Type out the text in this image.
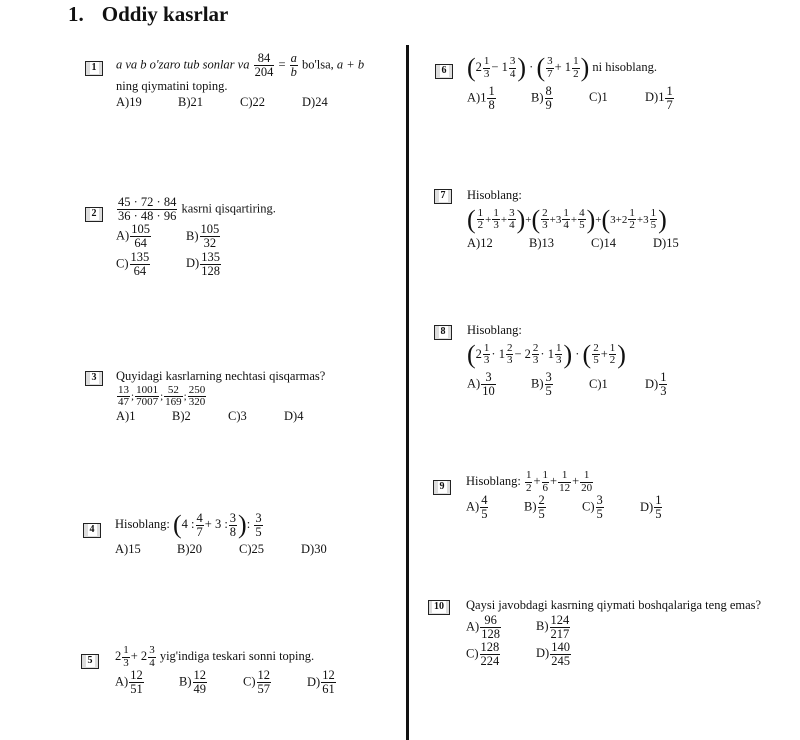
1. Oddiy kasrlar
1	a va b o'zaro tub sonlar va $\frac{84}{204} = \frac{a}{b} bo'lsa$, a + b
ning qiymatini toping.
A)19	B)21	C)22	D)24
2	$\frac{45 \cdot 72 \cdot 84}{36 \cdot 48 \cdot 96}$ kasrni qisqartiring.
$A) \frac{105}{64}$	$B) \frac{105}{32}$
$C) \frac{135}{64}$	$D) \frac{135}{128}$
3	Quyidagi kasrlarning nechtasi qisqarmas?
$\frac{13}{47}$ ; $\frac{1001}{7007}$ ; $\frac{52}{169}$ ; $\frac{250}{320}$
A)1	B)2	C)3	D)4
4	Hisoblang: (4 : $\frac{4}{7} + 3$ : $\frac{3}{8}$ ): $\frac{3}{5}$
A)15	B)20	C)25	D)30
5	$2 \frac{1}{3} + 2 \frac{3}{4}$ yig'indiga teskari sonni toping.
$A) \frac{12}{51}$	$B) \frac{12}{49}$	$C) \frac{12}{57}$	$D) \frac{12}{61}$
6 ($2 \frac{1}{3} - 1 \frac{3}{4}$ ) · ( $\frac{3}{7} + 1 \frac{1}{2}$ ) ni hisoblang.
$A)1 \frac{1}{8}$	$B) \frac{8}{9}$	C)1	$D)1 \frac{1}{7}$
7	Hisoblang:
( $\frac{1}{2} + \frac{1}{3} + \frac{3}{4}$ )+( $\frac{2}{3} +3 \frac{1}{4} + \frac{4}{5} )+(3+2 \frac{1}{2} +3 \frac{1}{5}$ )
A)12	B)13	C)14	D)15
8	Hisoblang:
($2 \frac{1}{3} \cdot 1 \frac{2}{3} - 2 \frac{2}{3} \cdot 1 \frac{1}{3}$ ) · ( $\frac{2}{5} + \frac{1}{2}$ )
$A) \frac{3}{10}$	$B) \frac{3}{5}$	C)1	$D) \frac{1}{3}$
9	Hisoblang: $\frac{1}{2} + \frac{1}{6} + \frac{1}{12} + \frac{1}{20}$
$A) \frac{4}{5}$	$B) \frac{2}{5}$	$C) \frac{3}{5}$	$D) \frac{1}{5}$
10	Qaysi javobdagi kasrning qiymati boshqalariga teng emas?
$A) \frac{96}{128}$	$B) \frac{124}{217}$
$C) \frac{128}{224}$	$D) \frac{140}{245}$
